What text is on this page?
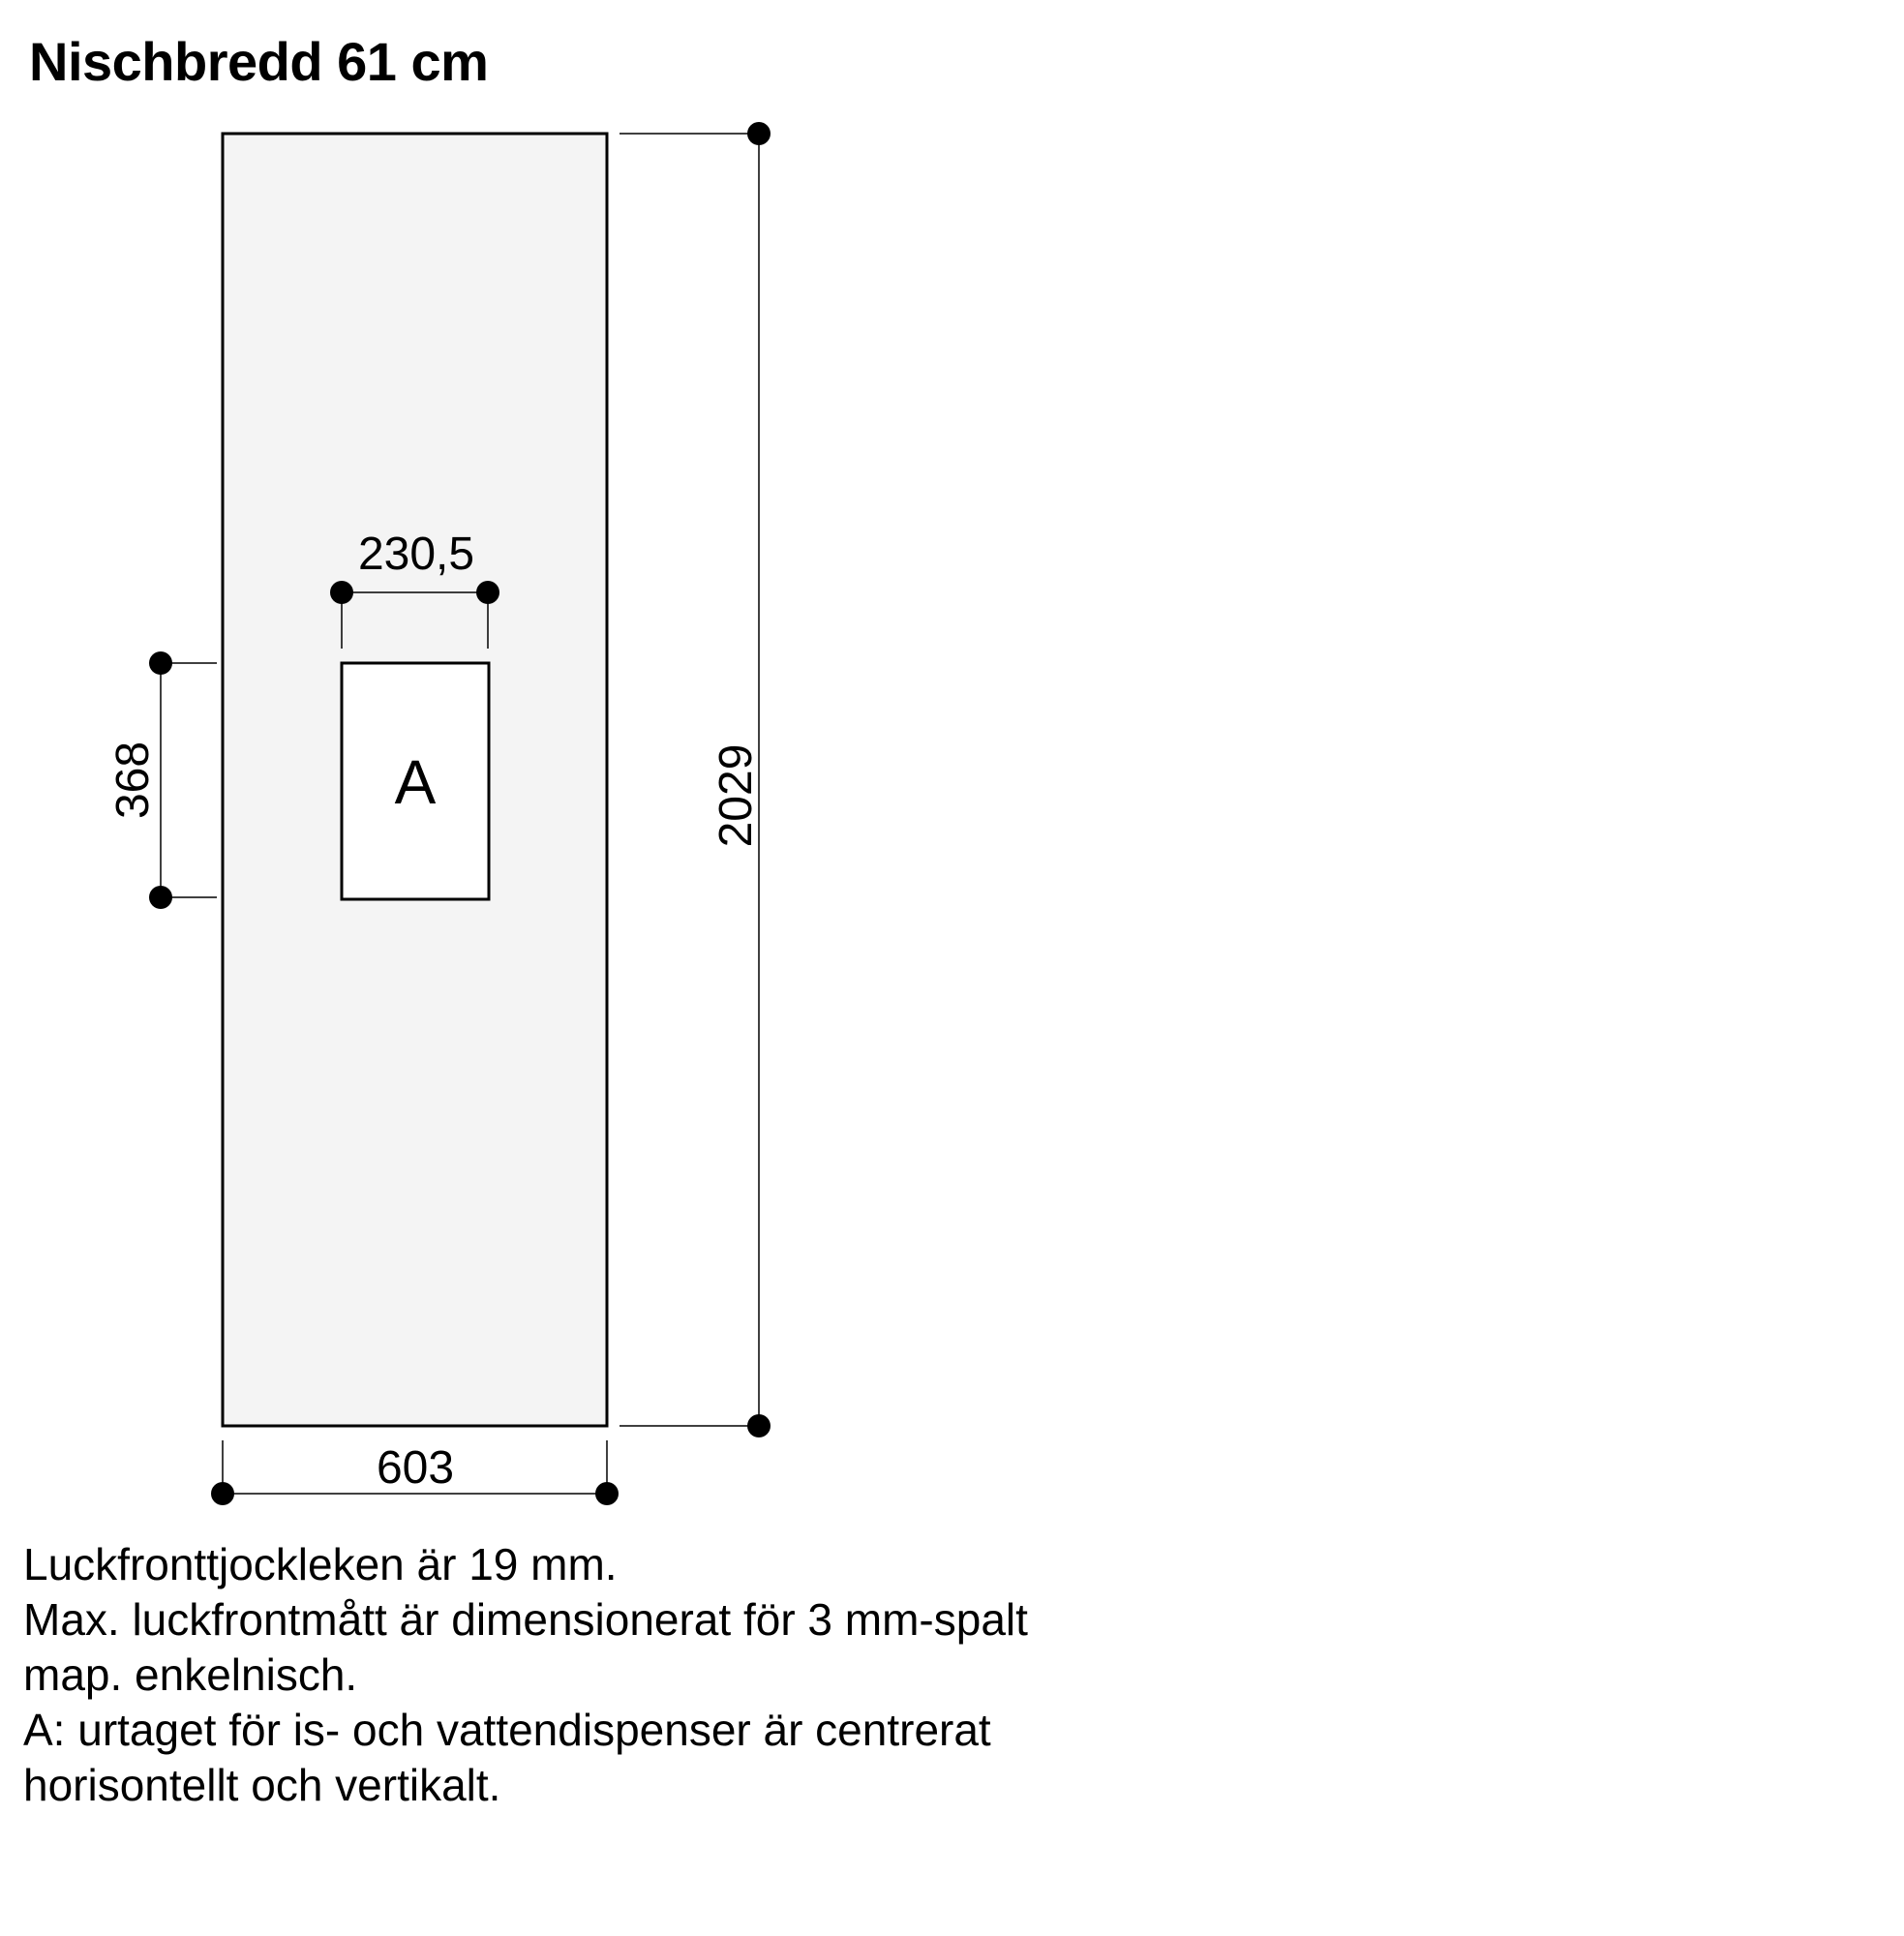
Nischbredd 61 cm
A	2029
603
230,5
368

Luckfronttjockleken är 19 mm.

Max. luckfrontmått är dimensionerat för 3 mm-spalt

map. enkelnisch.

A: urtaget för is- och vattendispenser är centrerat

horisontellt och vertikalt.
